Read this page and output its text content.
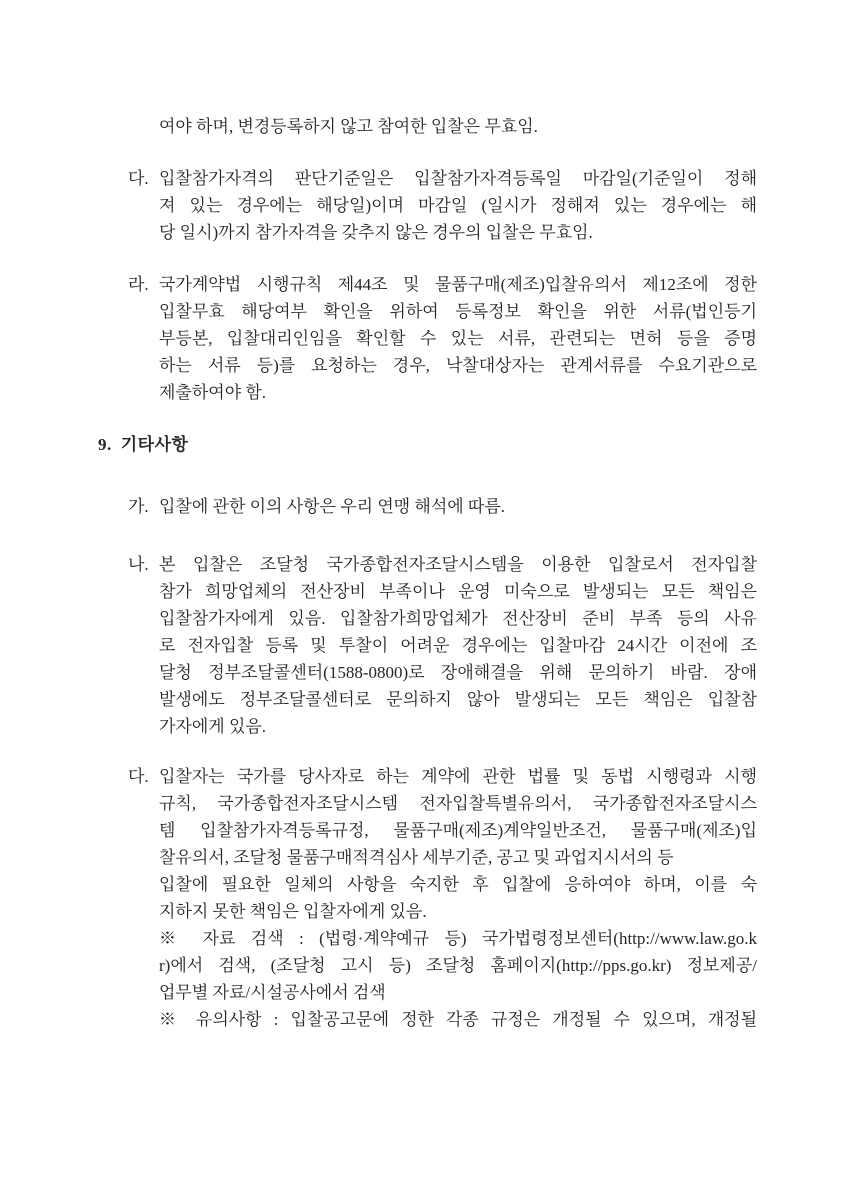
여야 하며, 변경등록하지 않고 참여한 입찰은 무효임.
다. 입찰참가자격의 판단기준일은 입찰참가자격등록일 마감일(기준일이 정해
져 있는 경우에는 해당일)이며 마감일 (일시가 정해져 있는 경우에는 해
당 일시)까지 참가자격을 갖추지 않은 경우의 입찰은 무효임.
라. 국가계약법 시행규칙 제44조 및 물품구매(제조)입찰유의서 제12조에 정한
입찰무효 해당여부 확인을 위하여 등록정보 확인을 위한 서류(법인등기
부등본, 입찰대리인임을 확인할 수 있는 서류, 관련되는 면허 등을 증명
하는 서류 등)를 요청하는 경우, 낙찰대상자는 관계서류를 수요기관으로
제출하여야 함.
9. 기타사항
가. 입찰에 관한 이의 사항은 우리 연맹 해석에 따름.
나. 본 입찰은 조달청 국가종합전자조달시스템을 이용한 입찰로서 전자입찰
참가 희망업체의 전산장비 부족이나 운영 미숙으로 발생되는 모든 책임은
입찰참가자에게 있음. 입찰참가희망업체가 전산장비 준비 부족 등의 사유
로 전자입찰 등록 및 투찰이 어려운 경우에는 입찰마감 24시간 이전에 조
달청 정부조달콜센터(1588-0800)로 장애해결을 위해 문의하기 바람. 장애
발생에도 정부조달콜센터로 문의하지 않아 발생되는 모든 책임은 입찰참
가자에게 있음.
다. 입찰자는 국가를 당사자로 하는 계약에 관한 법률 및 동법 시행령과 시행
규칙, 국가종합전자조달시스템 전자입찰특별유의서, 국가종합전자조달시스
템 입찰참가자격등록규정, 물품구매(제조)계약일반조건, 물품구매(제조)입
찰유의서, 조달청 물품구매적격심사 세부기준, 공고 및 과업지시서의 등
입찰에 필요한 일체의 사항을 숙지한 후 입찰에 응하여야 하며, 이를 숙
지하지 못한 책임은 입찰자에게 있음.
※ 자료 검색 : (법령·계약예규 등) 국가법령정보센터(http://www.law.go.k
r)에서 검색, (조달청 고시 등) 조달청 홈페이지(http://pps.go.kr) 정보제공/
업무별 자료/시설공사에서 검색
※ 유의사항 : 입찰공고문에 정한 각종 규정은 개정될 수 있으며, 개정될
